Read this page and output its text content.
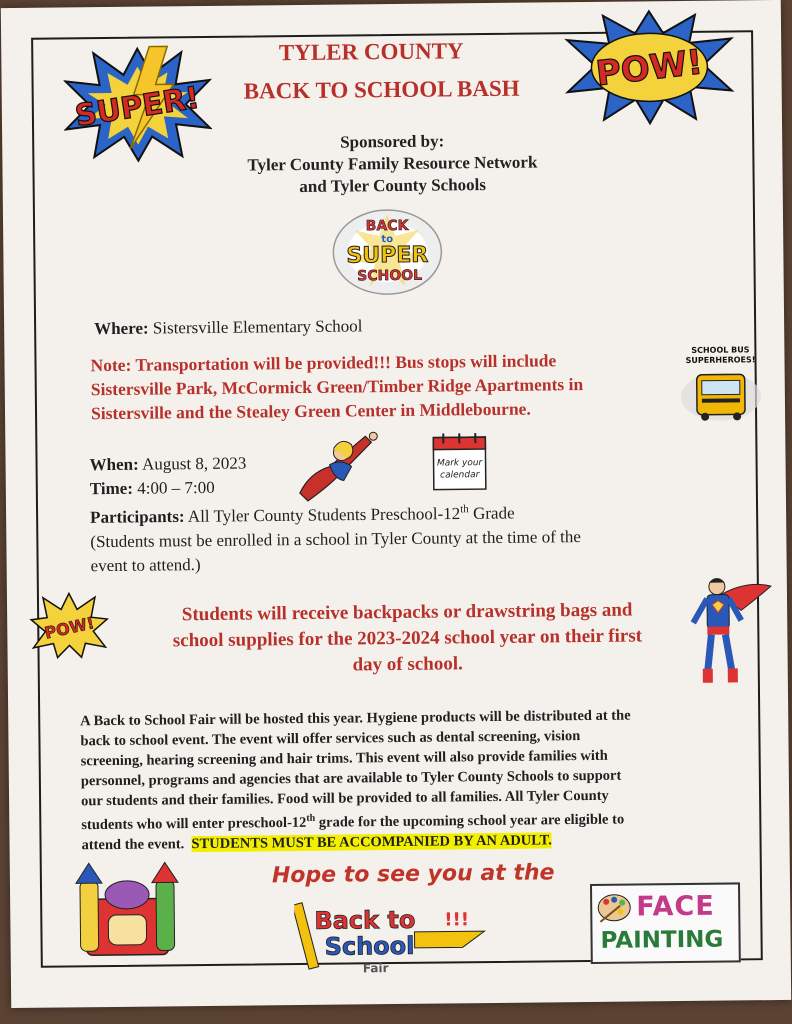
SUPER!
POW!
TYLER COUNTY
BACK TO SCHOOL BASH
Sponsored by:
Tyler County Family Resource Network
and Tyler County Schools
BACK
to
SUPER
SCHOOL
Where: Sistersville Elementary School
Note: Transportation will be provided!!! Bus stops will include
Sistersville Park, McCormick Green/Timber Ridge Apartments in
Sistersville and the Stealey Green Center in Middlebourne.
SCHOOL BUS
SUPERHEROES!
When: August 8, 2023
Time: 4:00 – 7:00
Mark your
calendar
Participants: All Tyler County Students Preschool-12th Grade
(Students must be enrolled in a school in Tyler County at the time of the
event to attend.)
POW!
Students will receive backpacks or drawstring bags and
school supplies for the 2023-2024 school year on their first
day of school.
A Back to School Fair will be hosted this year. Hygiene products will be distributed at the
back to school event. The event will offer services such as dental screening, vision
screening, hearing screening and hair trims. This event will also provide families with
personnel, programs and agencies that are available to Tyler County Schools to support
our students and their families. Food will be provided to all families. All Tyler County
students who will enter preschool-12th grade for the upcoming school year are eligible to
attend the event. STUDENTS MUST BE ACCOMPANIED BY AN ADULT.
Hope to see you at the
Back to
School
!!!
Fair
FACE
PAINTING
